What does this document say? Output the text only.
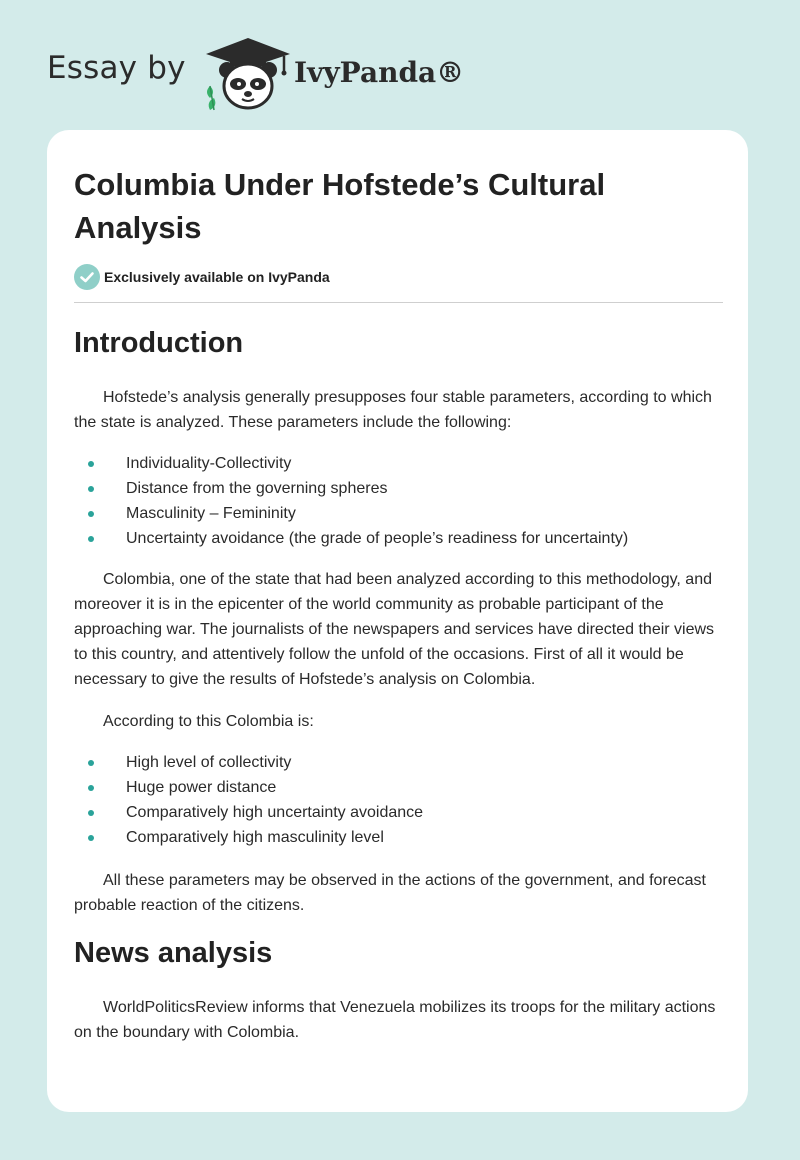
Essay by	IvyPanda®
Columbia Under Hofstede’s Cultural Analysis
Exclusively available on IvyPanda
Introduction

Hofstede’s analysis generally presupposes four stable parameters, according to which the state is analyzed. These parameters include the following:

Individuality-Collectivity
Distance from the governing spheres
Masculinity – Femininity
Uncertainty avoidance (the grade of people’s readiness for uncertainty)

Colombia, one of the state that had been analyzed according to this methodology, and moreover it is in the epicenter of the world community as probable participant of the approaching war. The journalists of the newspapers and services have directed their views to this country, and attentively follow the unfold of the occasions. First of all it would be necessary to give the results of Hofstede’s analysis on Colombia.

According to this Colombia is:

High level of collectivity
Huge power distance
Comparatively high uncertainty avoidance
Comparatively high masculinity level

All these parameters may be observed in the actions of the government, and forecast probable reaction of the citizens.

News analysis

WorldPoliticsReview informs that Venezuela mobilizes its troops for the military actions on the boundary with Colombia.
